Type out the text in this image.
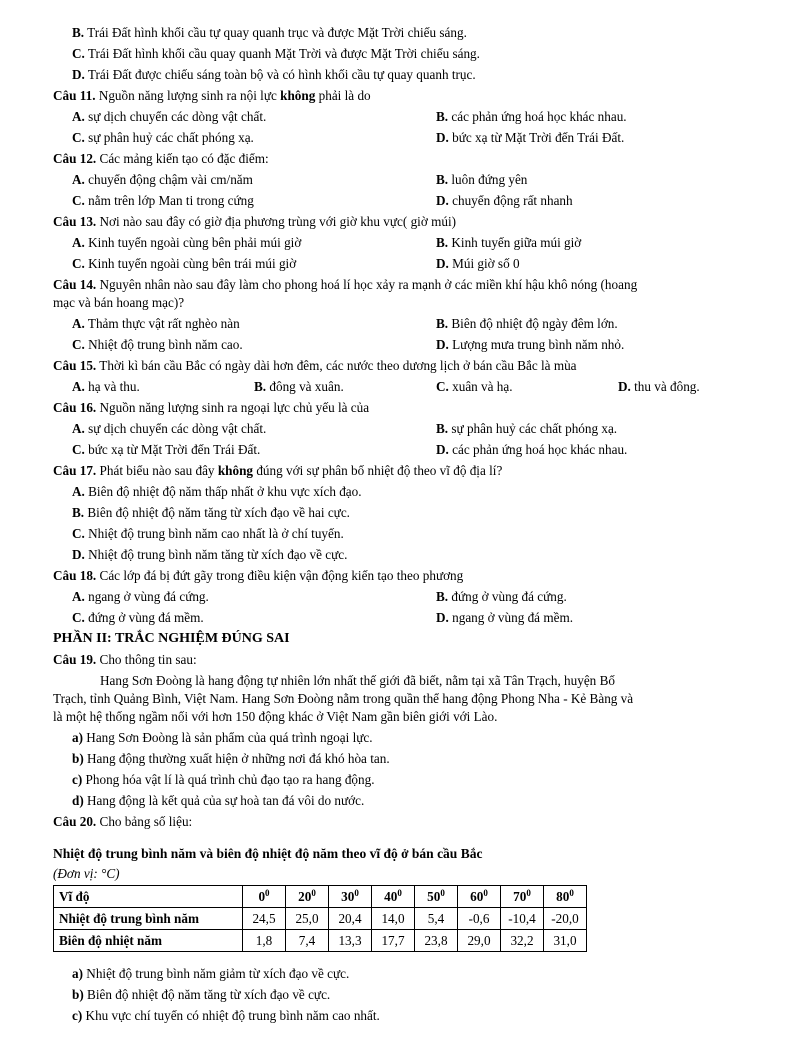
B. Trái Đất hình khối cầu tự quay quanh trục và được Mặt Trời chiếu sáng.
C. Trái Đất hình khối cầu quay quanh Mặt Trời và được Mặt Trời chiếu sáng.
D. Trái Đất được chiếu sáng toàn bộ và có hình khối cầu tự quay quanh trục.
Câu 11. Nguồn năng lượng sinh ra nội lực không phải là do
A. sự dịch chuyển các dòng vật chất.	B. các phản ứng hoá học khác nhau.
C. sự phân huỷ các chất phóng xạ.	D. bức xạ từ Mặt Trời đến Trái Đất.
Câu 12. Các mảng kiến tạo có đặc điểm:
A. chuyển động chậm vài cm/năm	B. luôn đứng yên
C. nằm trên lớp Man ti trong cứng	D. chuyển động rất nhanh
Câu 13. Nơi nào sau đây có giờ địa phương trùng với giờ khu vực( giờ múi)
A. Kinh tuyến ngoài cùng bên phải múi giờ	B. Kinh tuyến giữa múi giờ
C. Kinh tuyến ngoài cùng bên trái múi giờ	D. Múi giờ số 0
Câu 14. Nguyên nhân nào sau đây làm cho phong hoá lí học xảy ra mạnh ở các miền khí hậu khô nóng (hoang
mạc và bán hoang mạc)?
A. Thảm thực vật rất nghèo nàn	B. Biên độ nhiệt độ ngày đêm lớn.
C. Nhiệt độ trung bình năm cao.	D. Lượng mưa trung bình năm nhỏ.
Câu 15. Thời kì bán cầu Bắc có ngày dài hơn đêm, các nước theo dương lịch ở bán cầu Bắc là mùa
A. hạ và thu.	B. đông và xuân.	C. xuân và hạ.	D. thu và đông.
Câu 16. Nguồn năng lượng sinh ra ngoại lực chủ yếu là của
A. sự dịch chuyển các dòng vật chất.	B. sự phân huỷ các chất phóng xạ.
C. bức xạ từ Mặt Trời đến Trái Đất.	D. các phản ứng hoá học khác nhau.
Câu 17. Phát biểu nào sau đây không đúng với sự phân bố nhiệt độ theo vĩ độ địa lí?
A. Biên độ nhiệt độ năm thấp nhất ở khu vực xích đạo.
B. Biên độ nhiệt độ năm tăng từ xích đạo về hai cực.
C. Nhiệt độ trung bình năm cao nhất là ở chí tuyến.
D. Nhiệt độ trung bình năm tăng từ xích đạo về cực.
Câu 18. Các lớp đá bị đứt gãy trong điều kiện vận động kiến tạo theo phương
A. ngang ở vùng đá cứng.	B. đứng ở vùng đá cứng.
C. đứng ở vùng đá mềm.	D. ngang ở vùng đá mềm.
PHẦN II: TRẮC NGHIỆM ĐÚNG SAI
Câu 19. Cho thông tin sau:
Hang Sơn Đoòng là hang động tự nhiên lớn nhất thế giới đã biết, nằm tại xã Tân Trạch, huyện Bố
Trạch, tỉnh Quảng Bình, Việt Nam. Hang Sơn Đoòng nằm trong quần thể hang động Phong Nha - Kẻ Bàng và
là một hệ thống ngầm nối với hơn 150 động khác ở Việt Nam gần biên giới với Lào.
a) Hang Sơn Đoòng là sản phẩm của quá trình ngoại lực.
b) Hang động thường xuất hiện ở những nơi đá khó hòa tan.
c) Phong hóa vật lí là quá trình chủ đạo tạo ra hang động.
d) Hang động là kết quả của sự hoà tan đá vôi do nước.
Câu 20. Cho bảng số liệu:
Nhiệt độ trung bình năm và biên độ nhiệt độ năm theo vĩ độ ở bán cầu Bắc
(Đơn vị: °C)
Vĩ độ	$0^0$	$20^0$	$30^0$	$40^0$	$50^0$	$60^0$	$70^0$	$80^0$
Nhiệt độ trung bình năm	24,5	25,0	20,4	14,0	5,4	-0,6	-10,4	-20,0
Biên độ nhiệt năm	1,8	7,4	13,3	17,7	23,8	29,0	32,2	31,0
a) Nhiệt độ trung bình năm giảm từ xích đạo về cực.
b) Biên độ nhiệt độ năm tăng từ xích đạo về cực.
c) Khu vực chí tuyến có nhiệt độ trung bình năm cao nhất.
